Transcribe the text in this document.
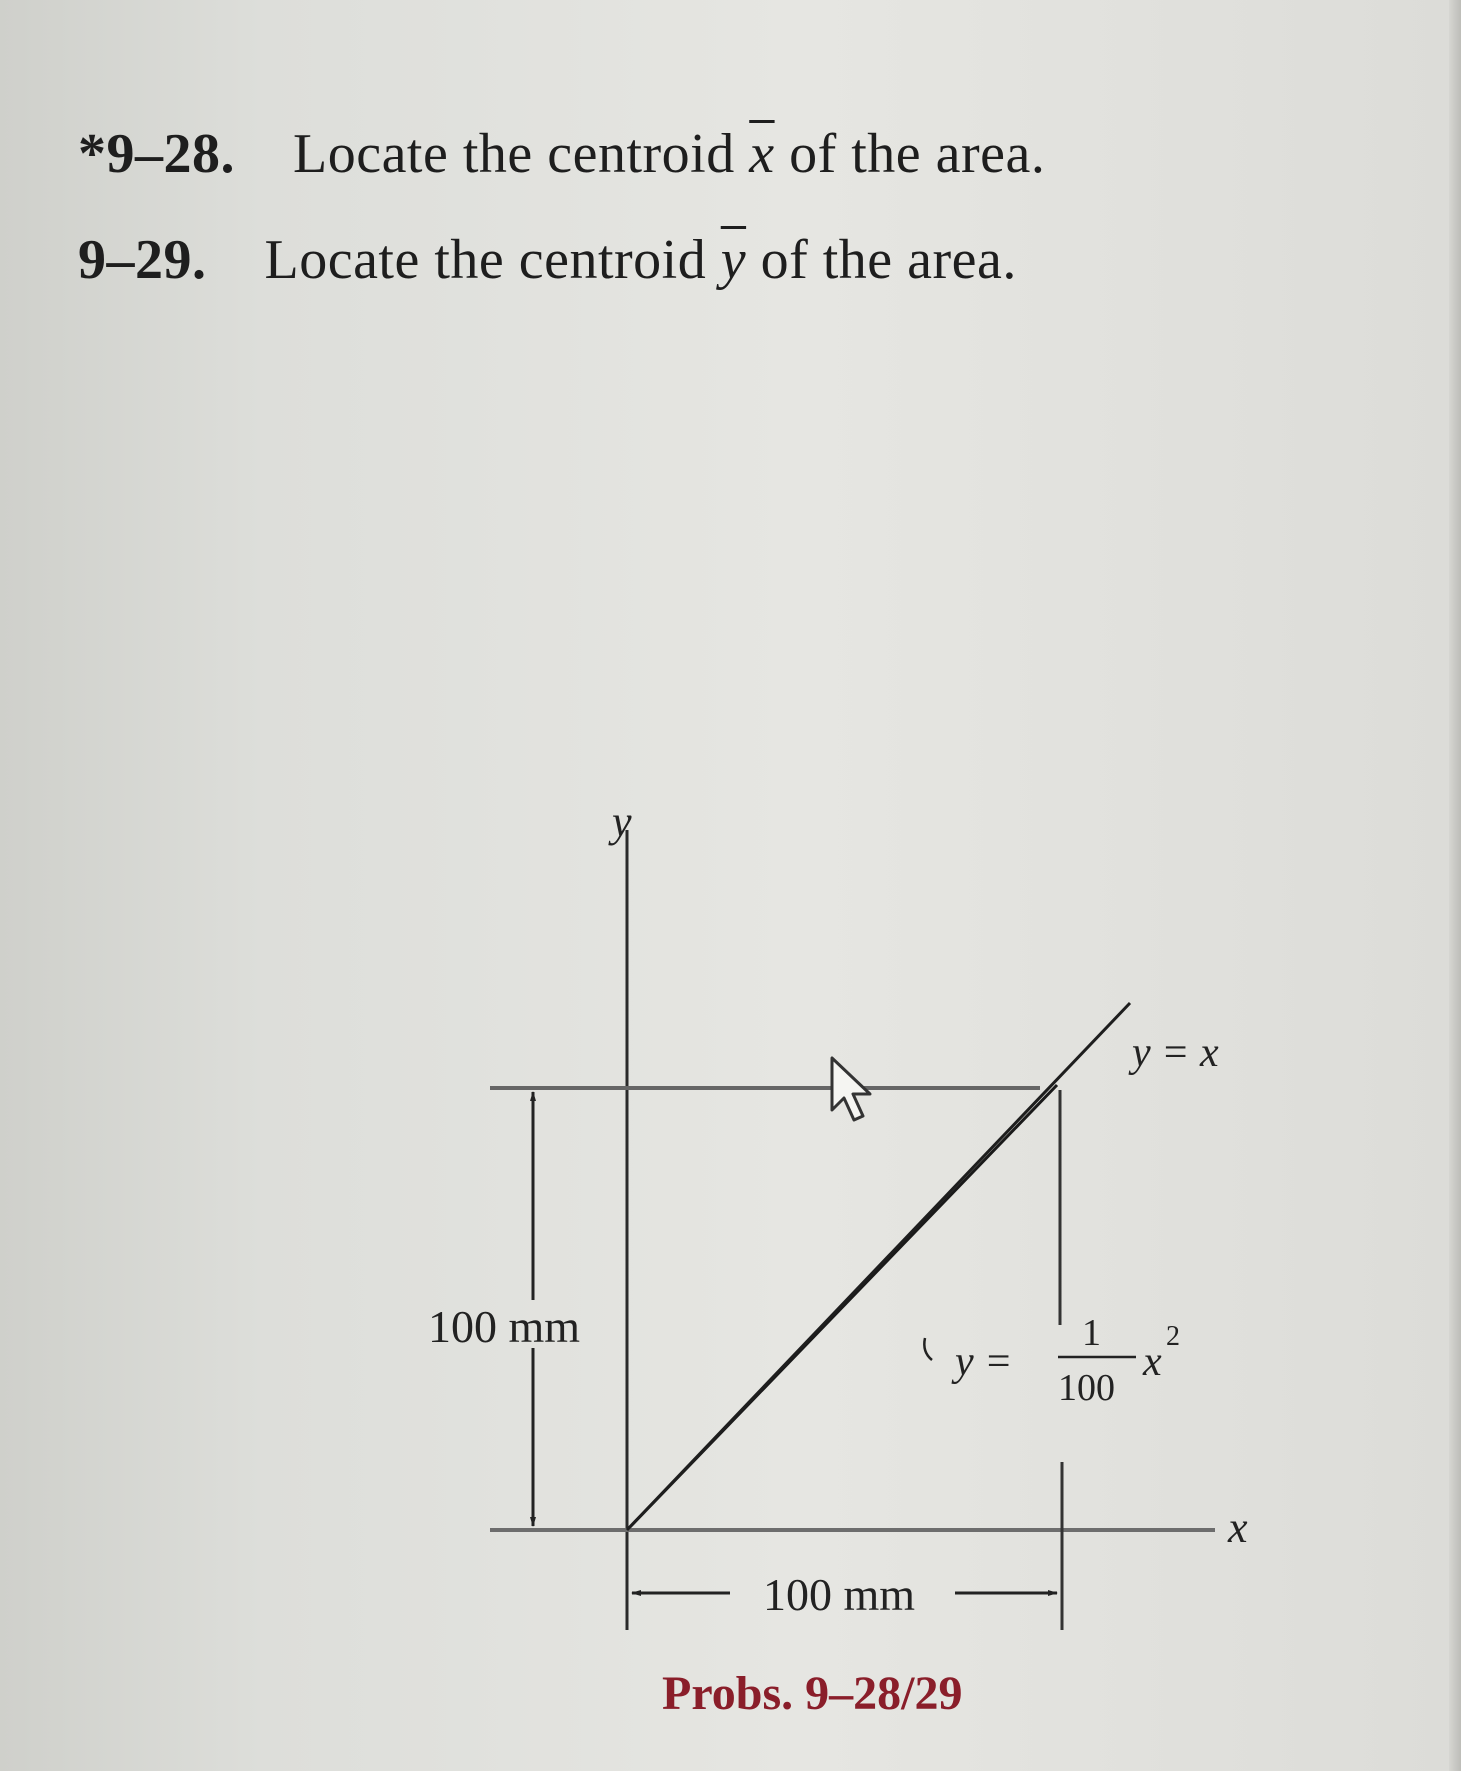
*9–28. Locate the centroid $\overline{x}$ of the area.
9–29. Locate the centroid $\overline{y}$ of the area.
100 mm
100 mm
y
x
y = x
y =
1
100
x
2
Probs. 9–28/29
